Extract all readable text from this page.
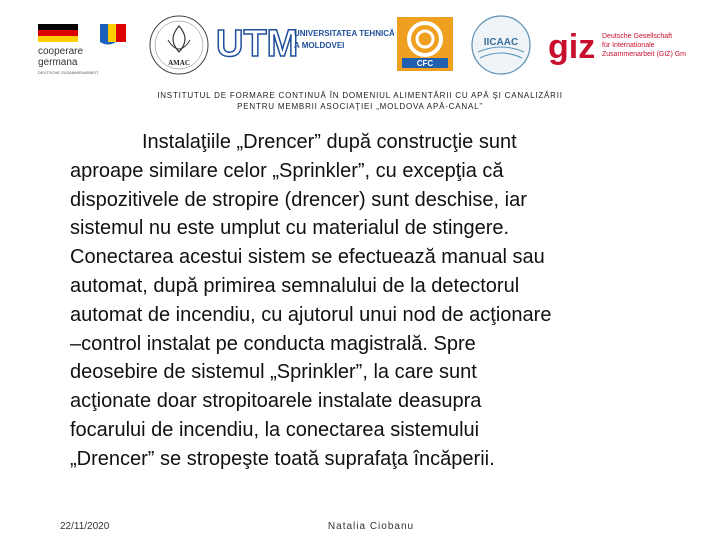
cooperare
germana
DEUTSCHE ZUSAMMENARBEIT
AMAC UTM
UNIVERSITATEA TEHNICĂ
A MOLDOVEI
CFC
IICAAC giz Deutsche Gesellschaft
für Internationale
Zusammenarbeit (GIZ) GmbH
INSTITUTUL DE FORMARE CONTINUĂ ÎN DOMENIUL ALIMENTĂRII CU APĂ ŞI CANALIZĂRII
PENTRU MEMBRII ASOCIAŢIEI „MOLDOVA APĂ-CANAL”
Instalaţiile „Drencer” după construcţie sunt
aproape similare celor „Sprinkler”, cu excepţia că
dispozitivele de stropire (drencer) sunt deschise, iar
sistemul nu este umplut cu materialul de stingere.
Conectarea acestui sistem se efectuează manual sau
automat, după primirea semnalului de la detectorul
automat de incendiu, cu ajutorul unui nod de acţionare
–control instalat pe conducta magistrală. Spre
deosebire de sistemul „Sprinkler”, la care sunt
acţionate doar stropitoarele instalate deasupra
focarului de incendiu, la conectarea sistemului
„Drencer” se stropeşte toată suprafaţa încăperii.
22/11/2020	Natalia Ciobanu
